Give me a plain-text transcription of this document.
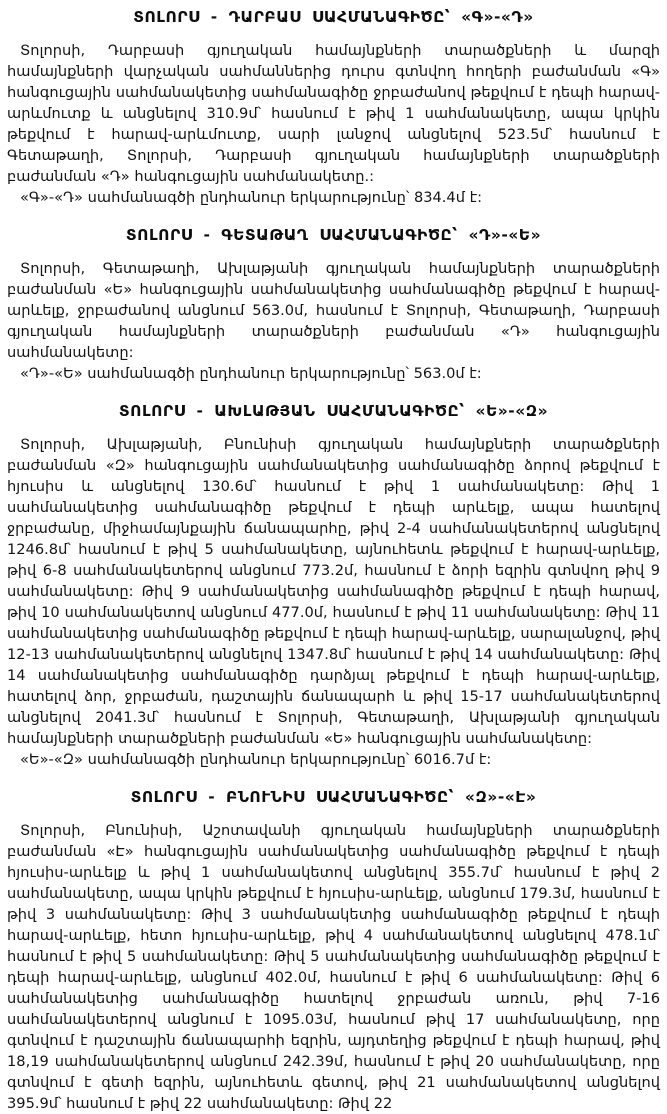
ՏՈԼՈՐՍ - ԴԱՐԲԱՍ ՍԱՀՄԱՆԱԳԻԾԸ՝ «Գ»-«Դ»

Տոլորսի, Դարբասի գյուղական համայնքների տարածքների և մարզի համայնքների վարչական սահմաններից դուրս գտնվող հողերի բաժանման «Գ» հանգուցային սահմանակետից սահմանագիծը ջրբաժանով թեքվում է դեպի հարավ-արևմուտք և անցնելով 310.9մ՝ հասնում է թիվ 1 սահմանակետը, ապա կրկին թեքվում է հարավ-արևմուտք, սարի լանջով անցնելով 523.5մ՝ հասնում է Գետաթաղի, Տոլորսի, Դարբասի գյուղական համայնքների տարածքների բաժանման «Դ» հանգուցային սահմանակետը.:

«Գ»-«Դ» սահմանագծի ընդհանուր երկարությունը՝ 834.4մ է:

ՏՈԼՈՐՍ - ԳԵՏԱԹԱՂ ՍԱՀՄԱՆԱԳԻԾԸ՝ «Դ»-«Ե»

Տոլորսի, Գետաթաղի, Ախլաթյանի գյուղական համայնքների տարածքների բաժանման «Ե» հանգուցային սահմանակետից սահմանագիծը թեքվում է հարավ-արևելք, ջրբաժանով անցնում 563.0մ, հասնում է Տոլորսի, Գետաթաղի, Դարբասի գյուղական համայնքների տարածքների բաժանման «Դ» հանգուցային սահմանակետը:

«Դ»-«Ե» սահմանագծի ընդհանուր երկարությունը՝ 563.0մ է:

ՏՈԼՈՐՍ - ԱԽԼԱԹՅԱՆ ՍԱՀՄԱՆԱԳԻԾԸ՝ «Ե»-«Զ»

Տոլորսի, Ախլաթյանի, Բնունիսի գյուղական համայնքների տարածքների բաժանման «Զ» հանգուցային սահմանակետից սահմանագիծը ձորով թեքվում է հյուսիս և անցնելով 130.6մ՝ հասնում է թիվ 1 սահմանակետը: Թիվ 1 սահմանակետից սահմանագիծը թեքվում է դեպի արևելք, ապա հատելով ջրբաժանը, միջհամայնքային ճանապարհը, թիվ 2-4 սահմանակետերով անցնելով 1246.8մ՝ հասնում է թիվ 5 սահմանակետը, այնուհետև թեքվում է հարավ-արևելք, թիվ 6-8 սահմանակետերով անցնում 773.2մ, հասնում է ձորի եզրին գտնվող թիվ 9 սահմանակետը: Թիվ 9 սահմանակետից սահմանագիծը թեքվում է դեպի հարավ, թիվ 10 սահմանակետով անցնում 477.0մ, հասնում է թիվ 11 սահմանակետը: Թիվ 11 սահմանակետից սահմանագիծը թեքվում է դեպի հարավ-արևելք, սարալանջով, թիվ 12-13 սահմանակետերով անցնելով 1347.8մ՝ հասնում է թիվ 14 սահմանակետը: Թիվ 14 սահմանակետից սահմանագիծը դարձյալ թեքվում է դեպի հարավ-արևելք, հատելով ձոր, ջրբաժան, դաշտային ճանապարհ և թիվ 15-17 սահմանակետերով անցնելով 2041.3մ՝ հասնում է Տոլորսի, Գետաթաղի, Ախլաթյանի գյուղական համայնքների տարածքների բաժանման «Ե» հանգուցային սահմանակետը:

«Ե»-«Զ» սահմանագծի ընդհանուր երկարությունը՝ 6016.7մ է:

ՏՈԼՈՐՍ - ԲՆՈՒՆԻՍ ՍԱՀՄԱՆԱԳԻԾԸ՝ «Զ»-«Է»

Տոլորսի, Բնունիսի, Աշոտավանի գյուղական համայնքների տարածքների բաժանման «Է» հանգուցային սահմանակետից սահմանագիծը թեքվում է դեպի հյուսիս-արևելք և թիվ 1 սահմանակետով անցնելով 355.7մ՝ հասնում է թիվ 2 սահմանակետը, ապա կրկին թեքվում է հյուսիս-արևելք, անցնում 179.3մ, հասնում է թիվ 3 սահմանակետը: Թիվ 3 սահմանակետից սահմանագիծը թեքվում է դեպի հարավ-արևելք, հետո հյուսիս-արևելք, թիվ 4 սահմանակետով անցնելով 478.1մ՝ հասնում է թիվ 5 սահմանակետը: Թիվ 5 սահմանակետից սահմանագիծը թեքվում է դեպի հարավ-արևելք, անցնում 402.0մ, հասնում է թիվ 6 սահմանակետը: Թիվ 6 սահմանակետից սահմանագիծը հատելով ջրբաժան առուն, թիվ 7-16 սահմանակետերով անցնում է 1095.03մ, հասնում թիվ 17 սահմանակետը, որը գտնվում է դաշտային ճանապարհի եզրին, այդտեղից թեքվում է դեպի հարավ, թիվ 18,19 սահմանակետերով անցնում 242.39մ, հասնում է թիվ 20 սահմանակետը, որը գտնվում է գետի եզրին, այնուհետև գետով, թիվ 21 սահմանակետով անցնելով 395.9մ՝ հասնում է թիվ 22 սահմանակետը: Թիվ 22
